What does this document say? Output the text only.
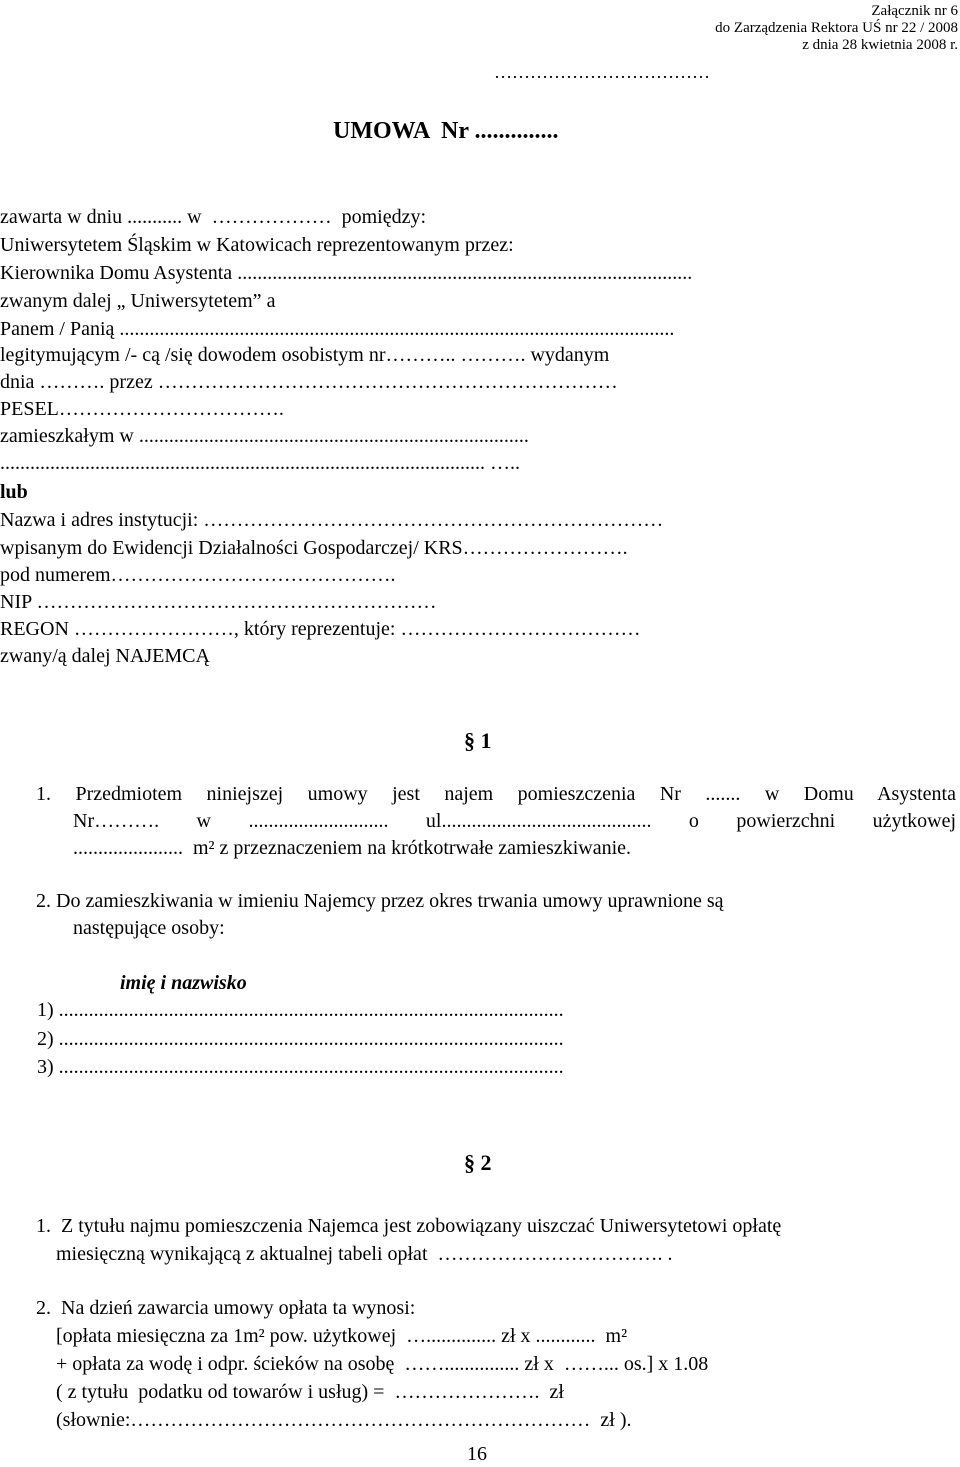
Załącznik nr 6
do Zarządzenia Rektora UŚ nr 22 / 2008
z dnia 28 kwietnia 2008 r.
………………………………
UMOWA  Nr ..............
zawarta w dniu ........... w  ………………  pomiędzy:
Uniwersytetem Śląskim w Katowicach reprezentowanym przez:
Kierownika Domu Asystenta ...........................................................................................
zwanym dalej „ Uniwersytetem” a
Panem / Panią ...............................................................................................................
legitymującym /- cą /się dowodem osobistym nr……….. ………. wydanym
dnia ………. przez ……………………………………………………………
PESEL…………………………….
zamieszkałym w ..............................................................................
................................................................................................. …..
lub
Nazwa i adres instytucji: ……………………………………………………………
wpisanym do Ewidencji Działalności Gospodarczej/ KRS…………………….
pod numerem…………………………………….
NIP ……………………………………………………
REGON ……………………, który reprezentuje: ………………………………
zwany/ą dalej NAJEMCĄ
§ 1
1. Przedmiotem niniejszej umowy jest najem pomieszczenia Nr ....... w Domu Asystenta
Nr………. w ............................ ul.......................................... o powierzchni użytkowej
......................  m² z przeznaczeniem na krótkotrwałe zamieszkiwanie.
2. Do zamieszkiwania w imieniu Najemcy przez okres trwania umowy uprawnione są
następujące osoby:
imię i nazwisko
1) .....................................................................................................
2) .....................................................................................................
3) .....................................................................................................
§ 2
1.  Z tytułu najmu pomieszczenia Najemca jest zobowiązany uiszczać Uniwersytetowi opłatę
miesięczną wynikającą z aktualnej tabeli opłat  ……………………………. .
2.  Na dzień zawarcia umowy opłata ta wynosi:
[opłata miesięczna za 1m² pow. użytkowej  ….............. zł x ............  m²
+ opłata za wodę i odpr. ścieków na osobę  ……............... zł x  ……... os.] x 1.08
( z tytułu  podatku od towarów i usług) =  ………………….  zł
(słownie:……………………………………………………………  zł ).
16
